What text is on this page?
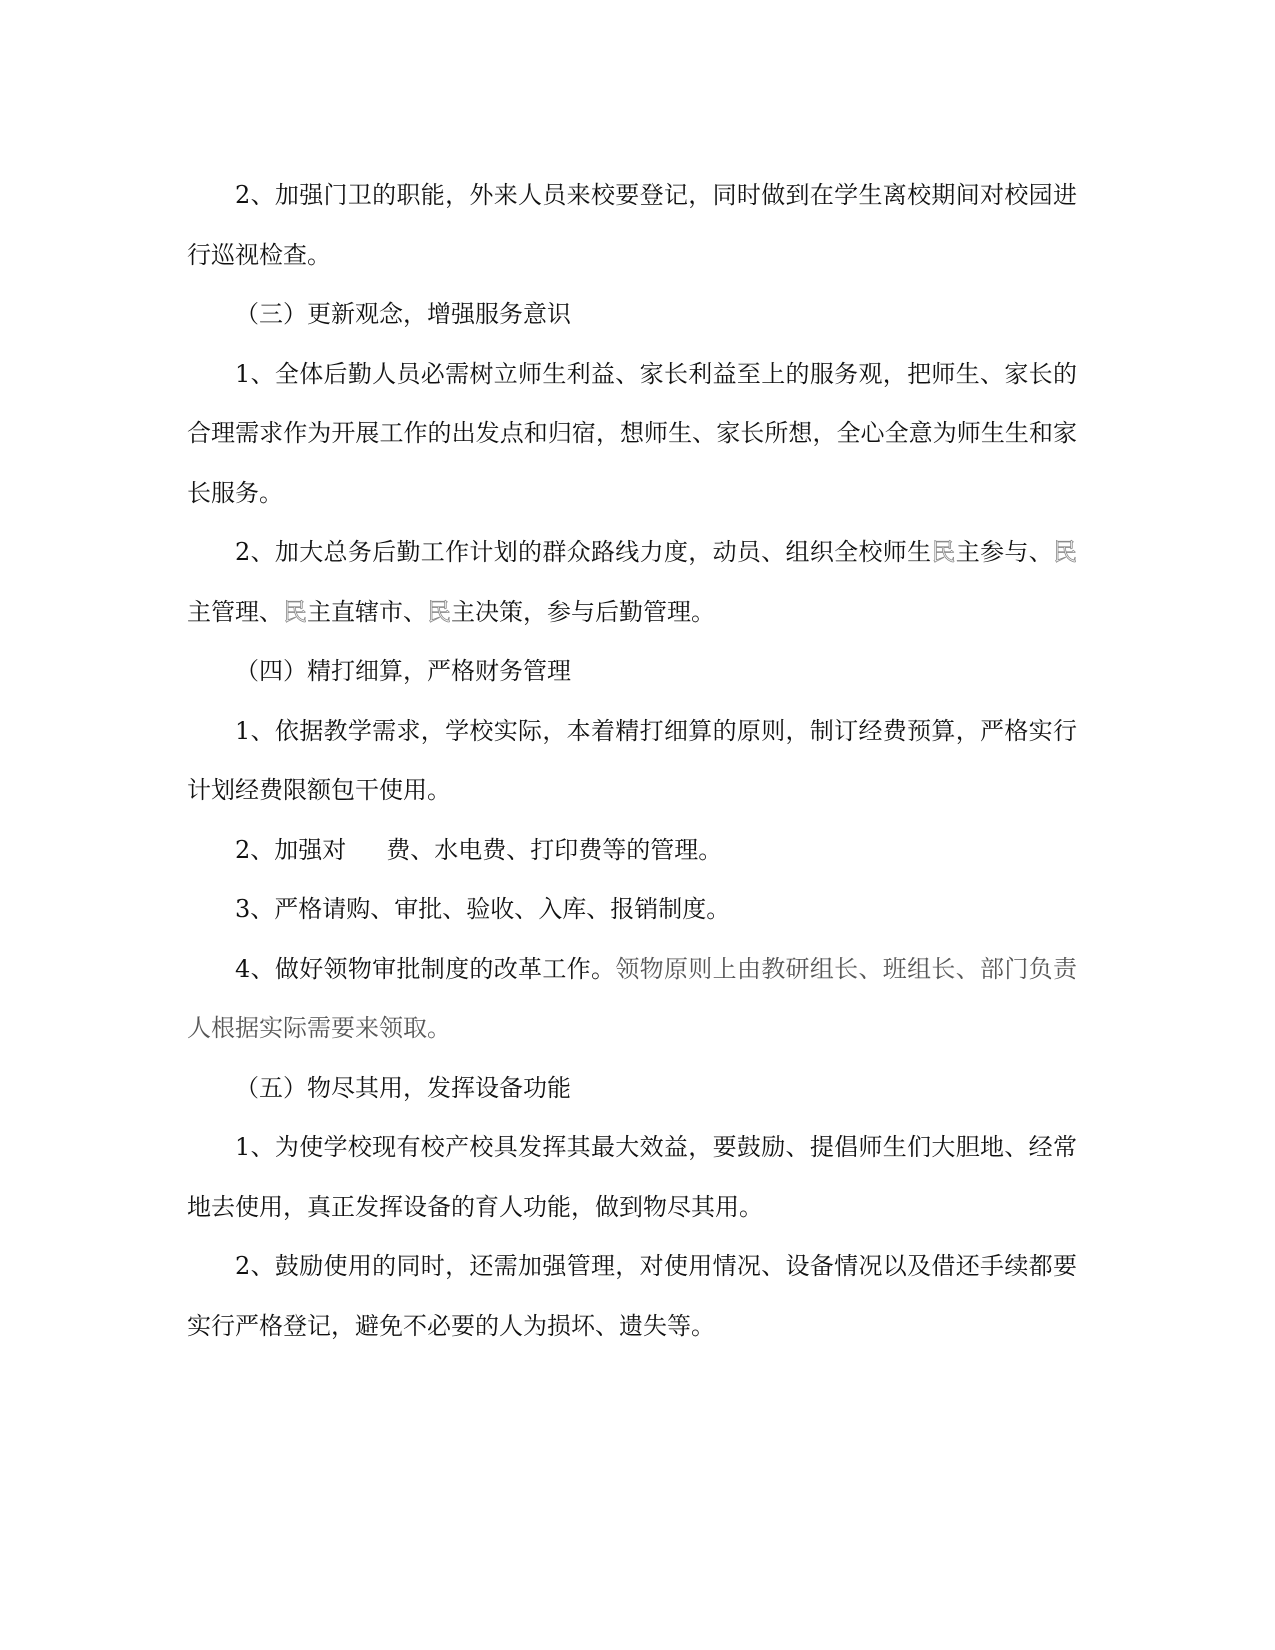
2、加强门卫的职能，外来人员来校要登记，同时做到在学生离校期间对校园进行巡视检查。

（三）更新观念，增强服务意识

1、全体后勤人员必需树立师生利益、家长利益至上的服务观，把师生、家长的合理需求作为开展工作的出发点和归宿，想师生、家长所想，全心全意为师生生和家长服务。

2、加大总务后勤工作计划的群众路线力度，动员、组织全校师生民主参与、民主管理、民主直辖市、民主决策，参与后勤管理。

（四）精打细算，严格财务管理

1、依据教学需求，学校实际，本着精打细算的原则，制订经费预算，严格实行计划经费限额包干使用。

2、加强对 费、水电费、打印费等的管理。

3、严格请购、审批、验收、入库、报销制度。

4、做好领物审批制度的改革工作。领物原则上由教研组长、班组长、部门负责人根据实际需要来领取。

（五）物尽其用，发挥设备功能

1、为使学校现有校产校具发挥其最大效益，要鼓励、提倡师生们大胆地、经常地去使用，真正发挥设备的育人功能，做到物尽其用。

2、鼓励使用的同时，还需加强管理，对使用情况、设备情况以及借还手续都要实行严格登记，避免不必要的人为损坏、遗失等。
